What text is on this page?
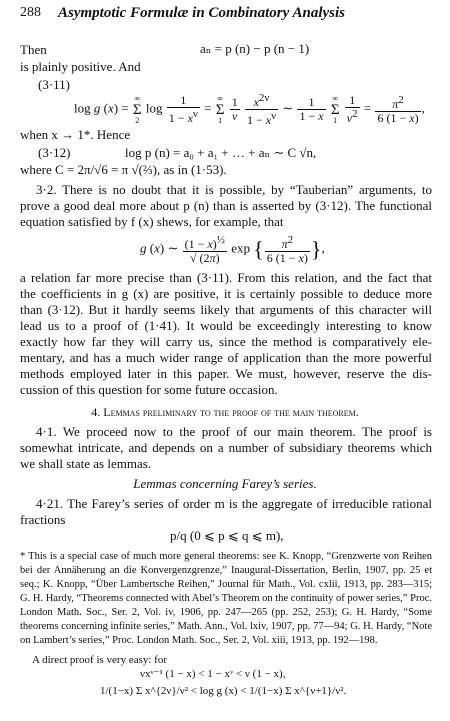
288 Asymptotic Formulæ in Combinatory Analysis
Then	aₙ = p (n) − p (n − 1)
is plainly positive. And
(3·11)
log g (x) = ∞
Σ
2 $\log \frac{1}{1 - x^\nu}$ = ∞
Σ
$1 \frac{1}{\nu}$
$\frac{x^{2\nu}}{1 - x^\nu}$ ∼ $\frac{1}{1 - x}$ ∞
Σ
$1 \frac{1}{\nu^2} = \frac{\pi^2}{6 (1 - x)}$ ,
when x → 1*. Hence
(3·12)	log p (n) = a₀ + a₁ + … + aₙ ∼ C √n,
where C = 2π/√6 = π √(⅔), as in (1·53).
3·2. There is no doubt that it is possible, by “Tauberian” arguments, to
prove a good deal more about p (n) than is asserted by (3·12). The functional
equation satisfied by f (x) shews, for example, that
g (x) ∼ $\frac{(1 - x)^{\frac{1}{2}}}{√ (2\pi)}$ exp { $\frac{\pi^2}{6 (1 - x)}$ },
a relation far more precise than (3·11). From this relation, and the fact that
the coefficients in g (x) are positive, it is certainly possible to deduce more
than (3·12). But it hardly seems likely that arguments of this character will
lead us to a proof of (1·41). It would be exceedingly interesting to know
exactly how far they will carry us, since the method is comparatively ele-
mentary, and has a much wider range of application than the more powerful
methods employed later in this paper. We must, however, reserve the dis-
cussion of this question for some future occasion.
4. Lemmas preliminary to the proof of the main theorem.
4·1. We proceed now to the proof of our main theorem. The proof is
somewhat intricate, and depends on a number of subsidiary theorems which
we shall state as lemmas.
Lemmas concerning Farey’s series.
4·21. The Farey’s series of order m is the aggregate of irreducible rational
fractions
p/q (0 ⩽ p ⩽ q ⩽ m),
* This is a special case of much more general theorems: see K. Knopp, “Grenzwerte von Reihen bei der Annäherung an die Konvergenzgrenze,” Inaugural-Dissertation, Berlin, 1907, pp. 25 et seq.; K. Knopp, “Über Lambertsche Reihen,” Journal für Math., Vol. cxlii, 1913, pp. 283—315; G. H. Hardy, “Theorems connected with Abel’s Theorem on the continuity of power series,” Proc. London Math. Soc., Ser. 2, Vol. iv, 1906, pp. 247—265 (pp. 252, 253); G. H. Hardy, “Some theorems concerning infinite series,” Math. Ann., Vol. lxiv, 1907, pp. 77—94; G. H. Hardy, “Note on Lambert’s series,” Proc. London Math. Soc., Ser. 2, Vol. xiii, 1913, pp. 192—198.
A direct proof is very easy: for
νxᵛ⁻¹ (1 − x) < 1 − xᵛ < ν (1 − x),
1/(1−x) Σ x^{2ν}/ν² < log g (x) < 1/(1−x) Σ x^{ν+1}/ν².
